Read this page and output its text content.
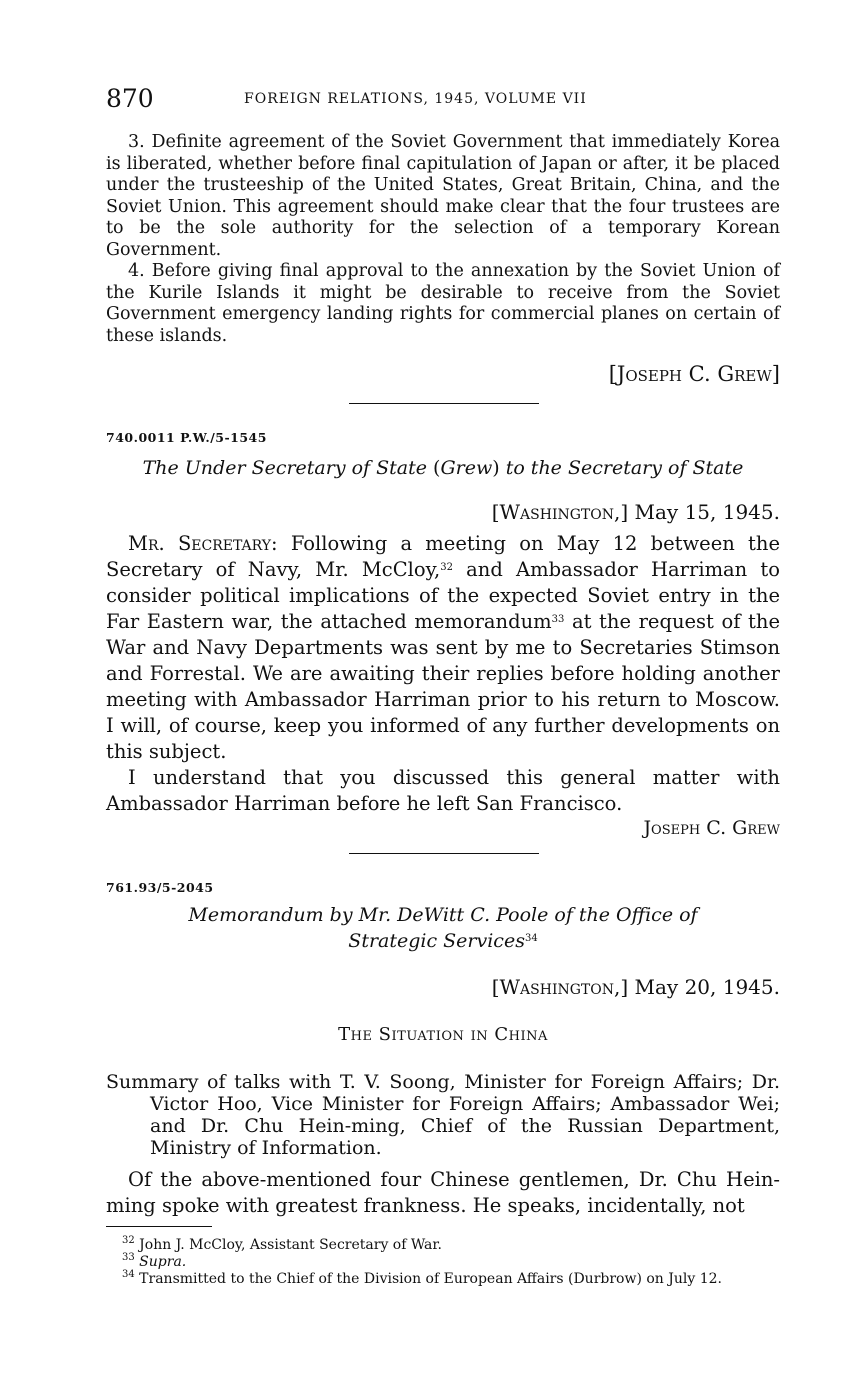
870	FOREIGN RELATIONS, 1945, VOLUME VII

3. Definite agreement of the Soviet Government that immediately Korea is liberated, whether before final capitulation of Japan or after, it be placed under the trusteeship of the United States, Great Britain, China, and the Soviet Union. This agreement should make clear that the four trustees are to be the sole authority for the selection of a temporary Korean Government.

4. Before giving final approval to the annexation by the Soviet Union of the Kurile Islands it might be desirable to receive from the Soviet Government emergency landing rights for commercial planes on certain of these islands.

[Joseph C. Grew]
740.0011 P.W./5-1545
The Under Secretary of State (Grew) to the Secretary of State
[Washington,] May 15, 1945.

Mr. Secretary: Following a meeting on May 12 between the Secretary of Navy, Mr. McCloy,$^{32}$ and Ambassador Harriman to consider political implications of the expected Soviet entry in the Far Eastern war, the attached memorandum$^{33}$ at the request of the War and Navy Departments was sent by me to Secretaries Stimson and Forrestal. We are awaiting their replies before holding another meeting with Ambassador Harriman prior to his return to Moscow. I will, of course, keep you informed of any further developments on this subject.

I understand that you discussed this general matter with Ambassador Harriman before he left San Francisco.

Joseph C. Grew
761.93/5-2045
Memorandum by Mr. DeWitt C. Poole of the Office of
Strategic Services$^{34}$
[Washington,] May 20, 1945.
The Situation in China

Summary of talks with T. V. Soong, Minister for Foreign Affairs; Dr. Victor Hoo, Vice Minister for Foreign Affairs; Ambassador Wei; and Dr. Chu Hein-ming, Chief of the Russian Department, Ministry of Information.

Of the above-mentioned four Chinese gentlemen, Dr. Chu Hein-ming spoke with greatest frankness. He speaks, incidentally, not

$^{32}$ John J. McCloy, Assistant Secretary of War.

$^{33}$ Supra.

$^{34}$ Transmitted to the Chief of the Division of European Affairs (Durbrow) on July 12.
